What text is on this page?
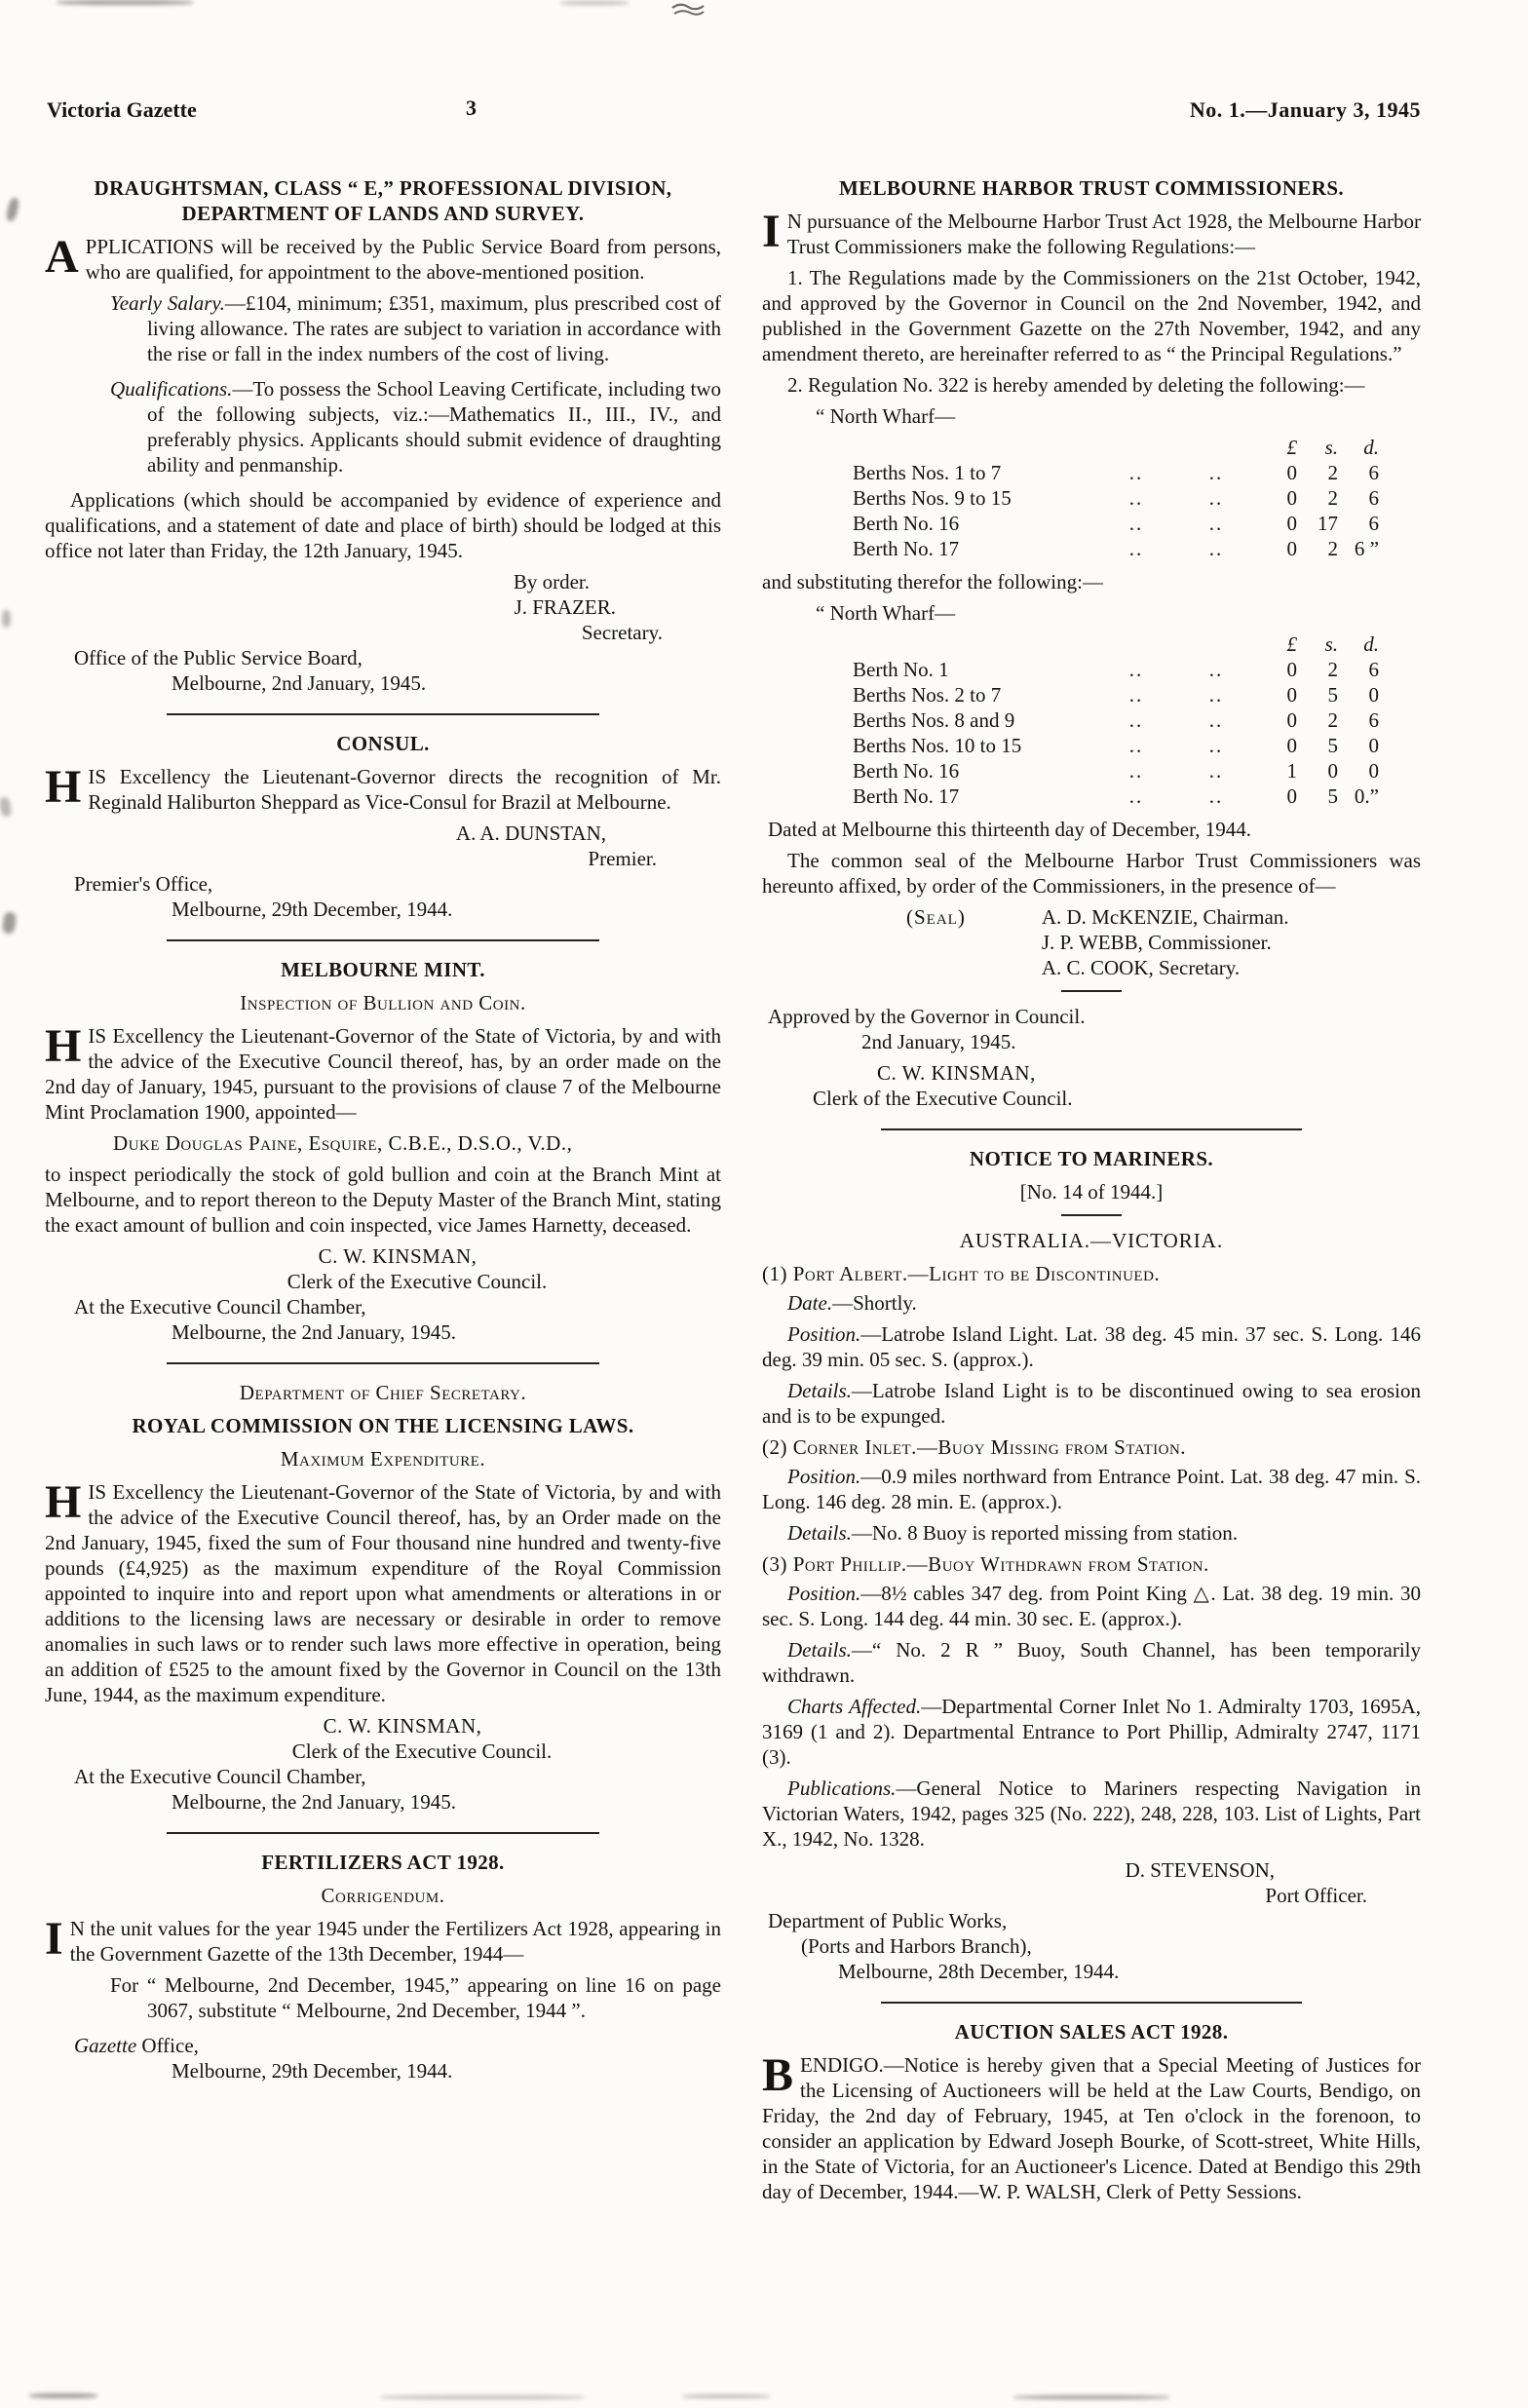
Victoria Gazette	3	No. 1.—January 3, 1945
DRAUGHTSMAN, CLASS “ E,” PROFESSIONAL DIVISION,
DEPARTMENT OF LANDS AND SURVEY.

APPLICATIONS will be received by the Public Service Board from persons, who are qualified, for appointment to the above-mentioned position.

Yearly Salary.—£104, minimum; £351, maximum, plus prescribed cost of living allowance. The rates are subject to variation in accordance with the rise or fall in the index numbers of the cost of living.

Qualifications.—To possess the School Leaving Certificate, including two of the following subjects, viz.:—Mathematics II., III., IV., and preferably physics. Applicants should submit evidence of draughting ability and penmanship.

Applications (which should be accompanied by evidence of experience and qualifications, and a statement of date and place of birth) should be lodged at this office not later than Friday, the 12th January, 1945.

By order.
J. FRAZER.
Secretary.
Office of the Public Service Board,
Melbourne, 2nd January, 1945.
CONSUL.

HIS Excellency the Lieutenant-Governor directs the recognition of Mr. Reginald Haliburton Sheppard as Vice-Consul for Brazil at Melbourne.

A. A. DUNSTAN,
Premier.
Premier's Office,
Melbourne, 29th December, 1944.
MELBOURNE MINT.
Inspection of Bullion and Coin.

HIS Excellency the Lieutenant-Governor of the State of Victoria, by and with the advice of the Executive Council thereof, has, by an order made on the 2nd day of January, 1945, pursuant to the provisions of clause 7 of the Melbourne Mint Proclamation 1900, appointed—

Duke Douglas Paine, Esquire, C.B.E., D.S.O., V.D.,

to inspect periodically the stock of gold bullion and coin at the Branch Mint at Melbourne, and to report thereon to the Deputy Master of the Branch Mint, stating the exact amount of bullion and coin inspected, vice James Harnetty, deceased.

C. W. KINSMAN,
Clerk of the Executive Council.
At the Executive Council Chamber,
Melbourne, the 2nd January, 1945.
Department of Chief Secretary.
ROYAL COMMISSION ON THE LICENSING LAWS.
Maximum Expenditure.

HIS Excellency the Lieutenant-Governor of the State of Victoria, by and with the advice of the Executive Council thereof, has, by an Order made on the 2nd January, 1945, fixed the sum of Four thousand nine hundred and twenty-five pounds (£4,925) as the maximum expenditure of the Royal Commission appointed to inquire into and report upon what amendments or alterations in or additions to the licensing laws are necessary or desirable in order to remove anomalies in such laws or to render such laws more effective in operation, being an addition of £525 to the amount fixed by the Governor in Council on the 13th June, 1944, as the maximum expenditure.

C. W. KINSMAN,
Clerk of the Executive Council.
At the Executive Council Chamber,
Melbourne, the 2nd January, 1945.
FERTILIZERS ACT 1928.
Corrigendum.

I N the unit values for the year 1945 under the Fertilizers Act 1928, appearing in the Government Gazette of the 13th December, 1944—

For “ Melbourne, 2nd December, 1945,” appearing on line 16 on page 3067, substitute “ Melbourne, 2nd December, 1944 ”.

Gazette Office,
Melbourne, 29th December, 1944.
MELBOURNE HARBOR TRUST COMMISSIONERS.

I N pursuance of the Melbourne Harbor Trust Act 1928, the Melbourne Harbor Trust Commissioners make the following Regulations:—

1. The Regulations made by the Commissioners on the 21st October, 1942, and approved by the Governor in Council on the 2nd November, 1942, and published in the Government Gazette on the 27th November, 1942, and any amendment thereto, are hereinafter referred to as “ the Principal Regulations.”

2. Regulation No. 322 is hereby amended by deleting the following:—

“ North Wharf—
£	s.	d.
Berths Nos. 1 to 7	..	..	0	2	6
Berths Nos. 9 to 15	..	..	0	2	6
Berth No. 16	..	..	0	17	6
Berth No. 17	..	..	0	2 6 ”

and substituting therefor the following:—

“ North Wharf—
£	s.	d.
Berth No. 1	..	..	0	2	6
Berths Nos. 2 to 7	..	..	0	5	0
Berths Nos. 8 and 9	..	..	0	2	6
Berths Nos. 10 to 15	..	..	0	5	0
Berth No. 16	..	..	1	0	0
Berth No. 17	..	..	0	5 0.”

Dated at Melbourne this thirteenth day of December, 1944.

The common seal of the Melbourne Harbor Trust Commissioners was hereunto affixed, by order of the Commissioners, in the presence of—

(Seal)	A. D. McKENZIE, Chairman.
J. P. WEBB, Commissioner.
A. C. COOK, Secretary.
Approved by the Governor in Council.
2nd January, 1945.
C. W. KINSMAN,
Clerk of the Executive Council.
NOTICE TO MARINERS.
[No. 14 of 1944.]
AUSTRALIA.—VICTORIA.
(1) Port Albert.—Light to be Discontinued.

Date.—Shortly.

Position.—Latrobe Island Light. Lat. 38 deg. 45 min. 37 sec. S. Long. 146 deg. 39 min. 05 sec. S. (approx.).

Details.—Latrobe Island Light is to be discontinued owing to sea erosion and is to be expunged.

(2) Corner Inlet.—Buoy Missing from Station.

Position.—0.9 miles northward from Entrance Point. Lat. 38 deg. 47 min. S. Long. 146 deg. 28 min. E. (approx.).

Details.—No. 8 Buoy is reported missing from station.

(3) Port Phillip.—Buoy Withdrawn from Station.

Position.—8½ cables 347 deg. from Point King △. Lat. 38 deg. 19 min. 30 sec. S. Long. 144 deg. 44 min. 30 sec. E. (approx.).

Details.—“ No. 2 R ” Buoy, South Channel, has been temporarily withdrawn.

Charts Affected.—Departmental Corner Inlet No 1. Admiralty 1703, 1695A, 3169 (1 and 2). Departmental Entrance to Port Phillip, Admiralty 2747, 1171 (3).

Publications.—General Notice to Mariners respecting Navigation in Victorian Waters, 1942, pages 325 (No. 222), 248, 228, 103. List of Lights, Part X., 1942, No. 1328.

D. STEVENSON,
Port Officer.
Department of Public Works,
(Ports and Harbors Branch),
Melbourne, 28th December, 1944.
AUCTION SALES ACT 1928.

BENDIGO.—Notice is hereby given that a Special Meeting of Justices for the Licensing of Auctioneers will be held at the Law Courts, Bendigo, on Friday, the 2nd day of February, 1945, at Ten o'clock in the forenoon, to consider an application by Edward Joseph Bourke, of Scott-street, White Hills, in the State of Victoria, for an Auctioneer's Licence. Dated at Bendigo this 29th day of December, 1944.—W. P. WALSH, Clerk of Petty Sessions.
